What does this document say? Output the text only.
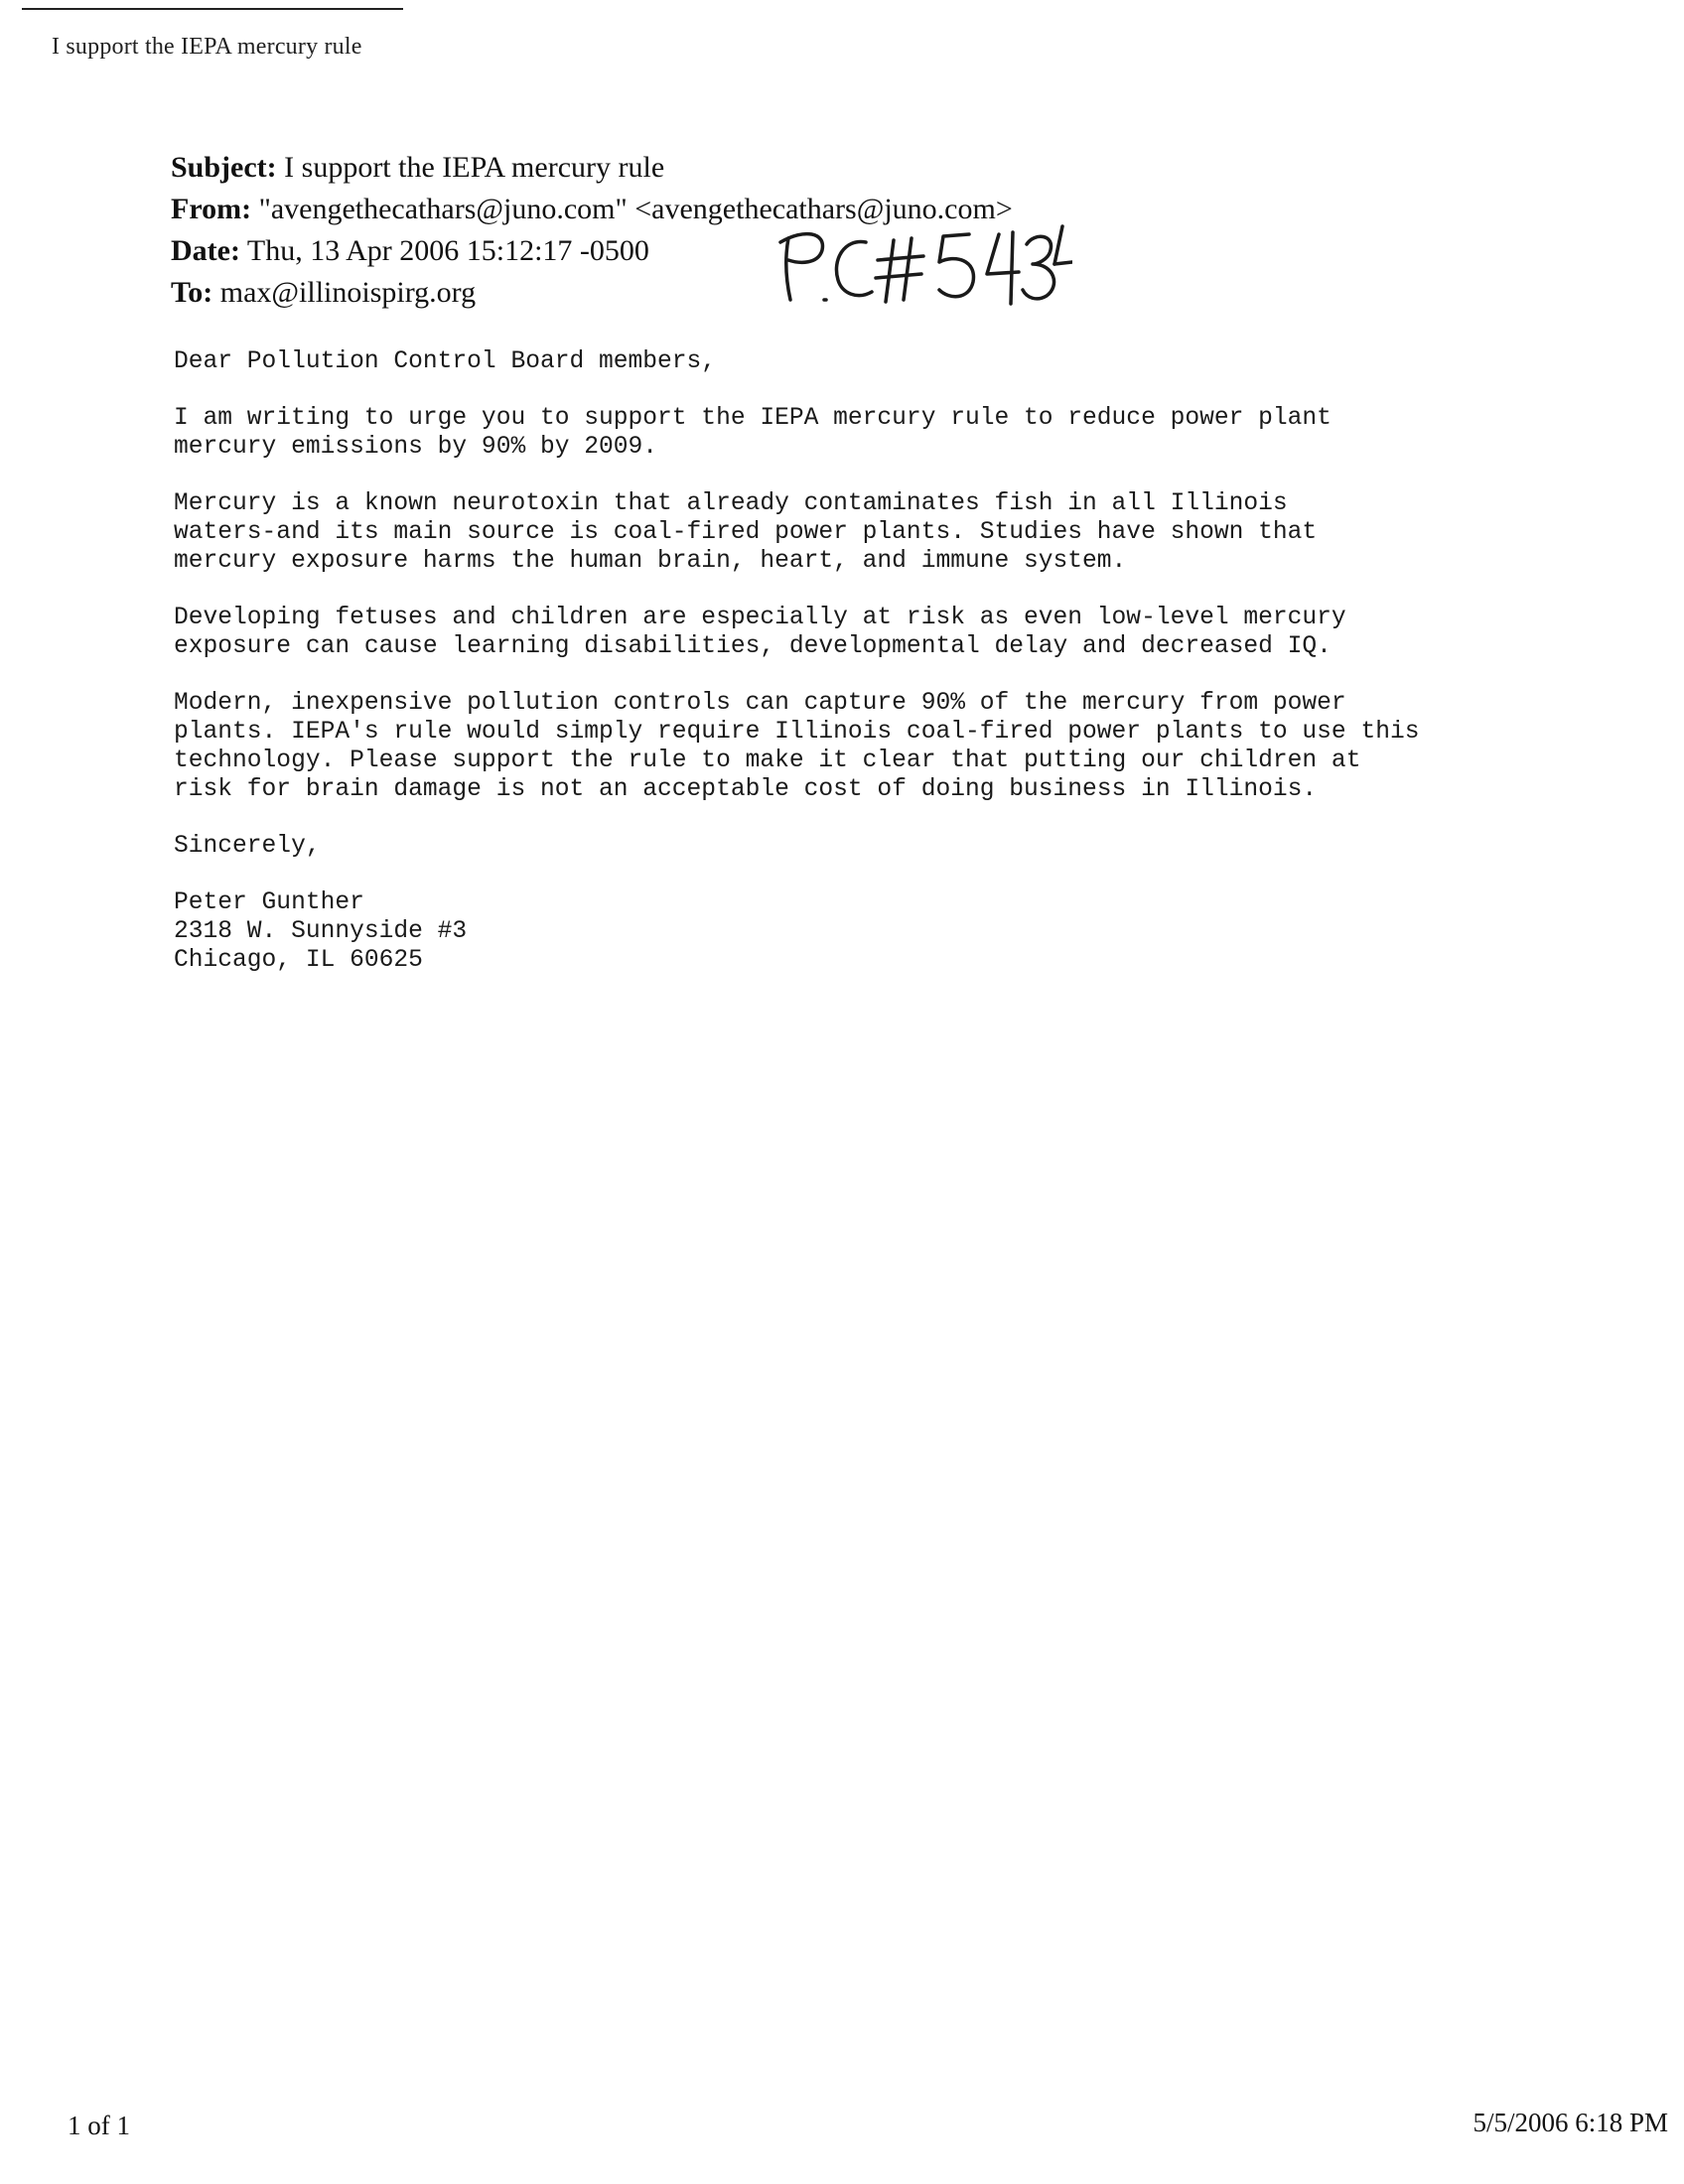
I support the IEPA mercury rule
Subject: I support the IEPA mercury rule
From: "avengethecathars@juno.com" <avengethecathars@juno.com>
Date: Thu, 13 Apr 2006 15:12:17 -0500
To: max@illinoispirg.org

Dear Pollution Control Board members,

I am writing to urge you to support the IEPA mercury rule to reduce power plant
mercury emissions by 90% by 2009.

Mercury is a known neurotoxin that already contaminates fish in all Illinois
waters-and its main source is coal-fired power plants. Studies have shown that
mercury exposure harms the human brain, heart, and immune system.

Developing fetuses and children are especially at risk as even low-level mercury
exposure can cause learning disabilities, developmental delay and decreased IQ.

Modern, inexpensive pollution controls can capture 90% of the mercury from power
plants. IEPA's rule would simply require Illinois coal-fired power plants to use this
technology. Please support the rule to make it clear that putting our children at
risk for brain damage is not an acceptable cost of doing business in Illinois.

Sincerely,

Peter Gunther
2318 W. Sunnyside #3
Chicago, IL 60625

1 of 1	5/5/2006 6:18 PM
